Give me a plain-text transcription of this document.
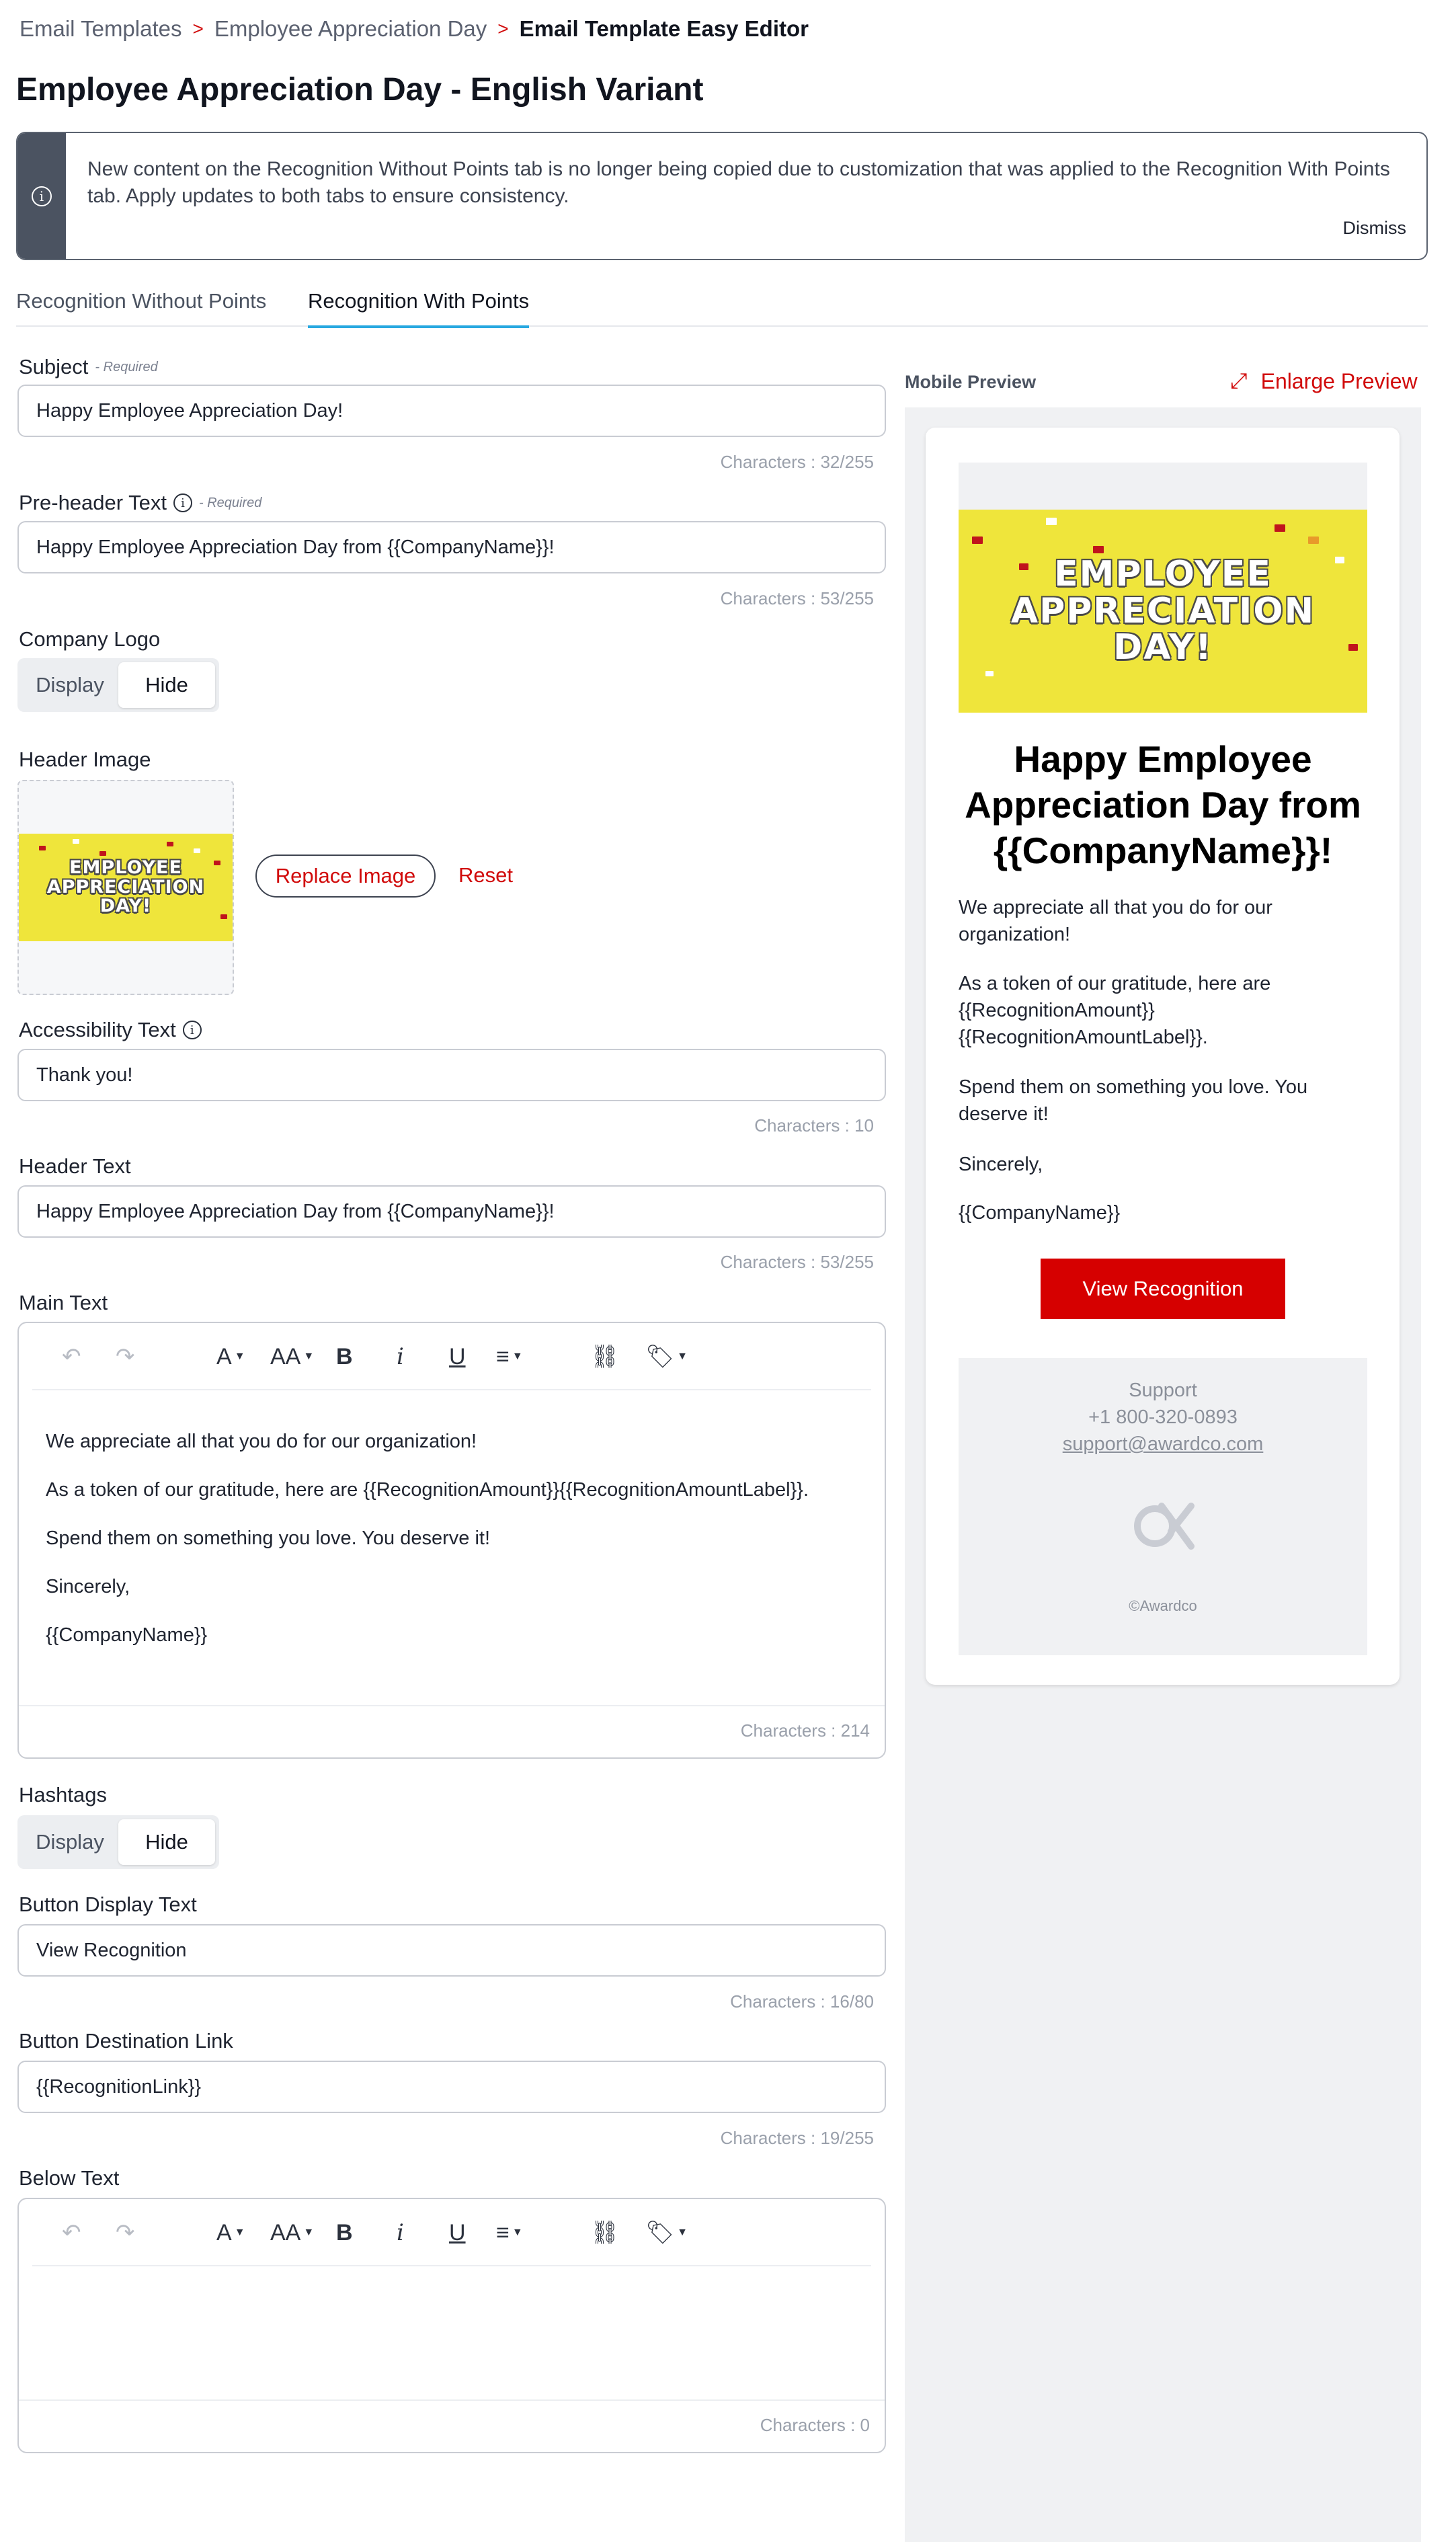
Email Templates > Employee Appreciation Day > Email Template Easy Editor
Employee Appreciation Day - English Variant
i
New content on the Recognition Without Points tab is no longer being copied due to customization that was applied to the Recognition With Points tab. Apply updates to both tabs to ensure consistency.
Dismiss
Recognition Without Points Recognition With Points
Subject - Required
Happy Employee Appreciation Day!
Characters : 32/255
Pre-header Text	i	- Required
Happy Employee Appreciation Day from {{CompanyName}}!
Characters : 53/255
Company Logo
Display	Hide
Header Image
EMPLOYEE
APPRECIATION DAY!
Replace Image	Reset
Accessibility Text	i
Thank you!
Characters : 10
Header Text
Happy Employee Appreciation Day from {{CompanyName}}!
Characters : 53/255
Main Text
↶ ↷	A ▼ AA ▼ B i U ≡ ▼	⛓ 🏷 ▼

We appreciate all that you do for our organization!

As a token of our gratitude, here are {{RecognitionAmount}}{{RecognitionAmountLabel}}.

Spend them on something you love. You deserve it!

Sincerely,

{{CompanyName}}

Characters : 214
Hashtags
Display	Hide
Button Display Text
View Recognition
Characters : 16/80
Button Destination Link
{{RecognitionLink}}
Characters : 19/255
Below Text
↶ ↷	A ▼ AA ▼ B i U ≡ ▼	⛓ 🏷 ▼
Characters : 0
Mobile Preview	⤢ Enlarge Preview
EMPLOYEE
APPRECIATION DAY!
Happy Employee Appreciation Day from {{CompanyName}}!
We appreciate all that you do for our organization!
As a token of our gratitude, here are {{RecognitionAmount}} {{RecognitionAmountLabel}}.
Spend them on something you love. You deserve it!
Sincerely,
{{CompanyName}}
View Recognition
Support
+1 800-320-0893
support@awardco.com
©Awardco
